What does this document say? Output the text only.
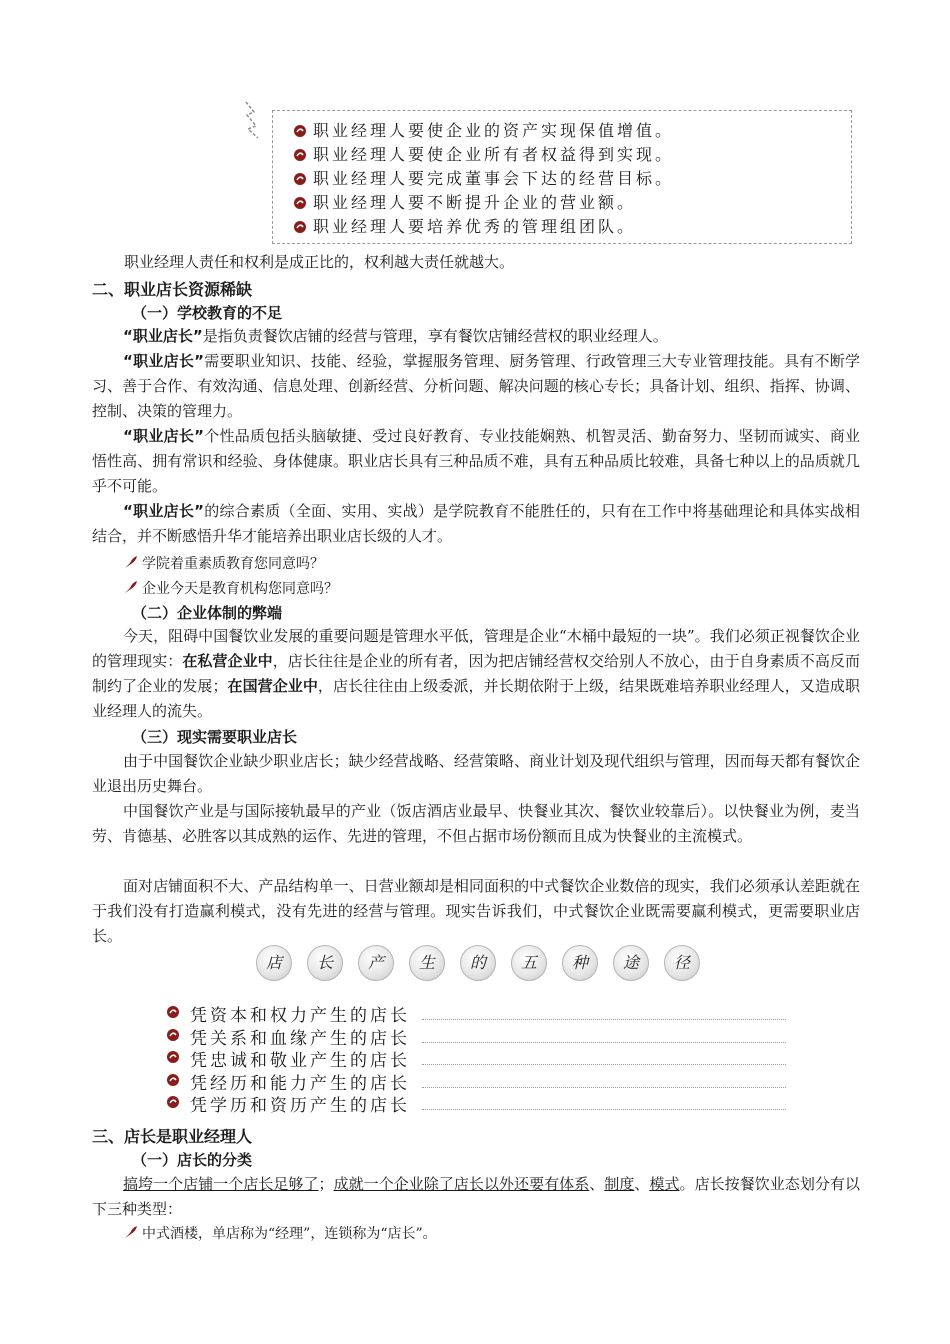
职业经理人要使企业的资产实现保值增值。
职业经理人要使企业所有者权益得到实现。
职业经理人要完成董事会下达的经营目标。
职业经理人要不断提升企业的营业额。
职业经理人要培养优秀的管理组团队。
职业经理人责任和权利是成正比的，权利越大责任就越大。
二、职业店长资源稀缺
（一）学校教育的不足

“职业店长”是指负责餐饮店铺的经营与管理，享有餐饮店铺经营权的职业经理人。

“职业店长”需要职业知识、技能、经验，掌握服务管理、厨务管理、行政管理三大专业管理技能。具有不断学习、善于合作、有效沟通、信息处理、创新经营、分析问题、解决问题的核心专长；具备计划、组织、指挥、协调、控制、决策的管理力。

“职业店长”个性品质包括头脑敏捷、受过良好教育、专业技能娴熟、机智灵活、勤奋努力、坚韧而诚实、商业悟性高、拥有常识和经验、身体健康。职业店长具有三种品质不难，具有五种品质比较难，具备七种以上的品质就几乎不可能。

“职业店长”的综合素质（全面、实用、实战）是学院教育不能胜任的，只有在工作中将基础理论和具体实战相结合，并不断感悟升华才能培养出职业店长级的人才。

学院着重素质教育您同意吗？
企业今天是教育机构您同意吗？
（二）企业体制的弊端

今天，阻碍中国餐饮业发展的重要问题是管理水平低，管理是企业“木桶中最短的一块”。我们必须正视餐饮企业的管理现实：在私营企业中，店长往往是企业的所有者，因为把店铺经营权交给别人不放心，由于自身素质不高反而制约了企业的发展；在国营企业中，店长往往由上级委派，并长期依附于上级，结果既难培养职业经理人，又造成职业经理人的流失。

（三）现实需要职业店长

由于中国餐饮企业缺少职业店长；缺少经营战略、经营策略、商业计划及现代组织与管理，因而每天都有餐饮企业退出历史舞台。

中国餐饮产业是与国际接轨最早的产业（饭店酒店业最早、快餐业其次、餐饮业较靠后）。以快餐业为例，麦当劳、肯德基、必胜客以其成熟的运作、先进的管理，不但占据市场份额而且成为快餐业的主流模式。

面对店铺面积不大、产品结构单一、日营业额却是相同面积的中式餐饮企业数倍的现实，我们必须承认差距就在于我们没有打造赢利模式，没有先进的经营与管理。现实告诉我们，中式餐饮企业既需要赢利模式，更需要职业店长。

店	长	产	生	的	五	种	途	径
凭资本和权力产生的店长
凭关系和血缘产生的店长
凭忠诚和敬业产生的店长
凭经历和能力产生的店长
凭学历和资历产生的店长
三、店长是职业经理人
（一）店长的分类

搞垮一个店铺一个店长足够了；成就一个企业除了店长以外还要有体系、制度、模式。店长按餐饮业态划分有以下三种类型：

中式酒楼，单店称为“经理”，连锁称为“店长”。
